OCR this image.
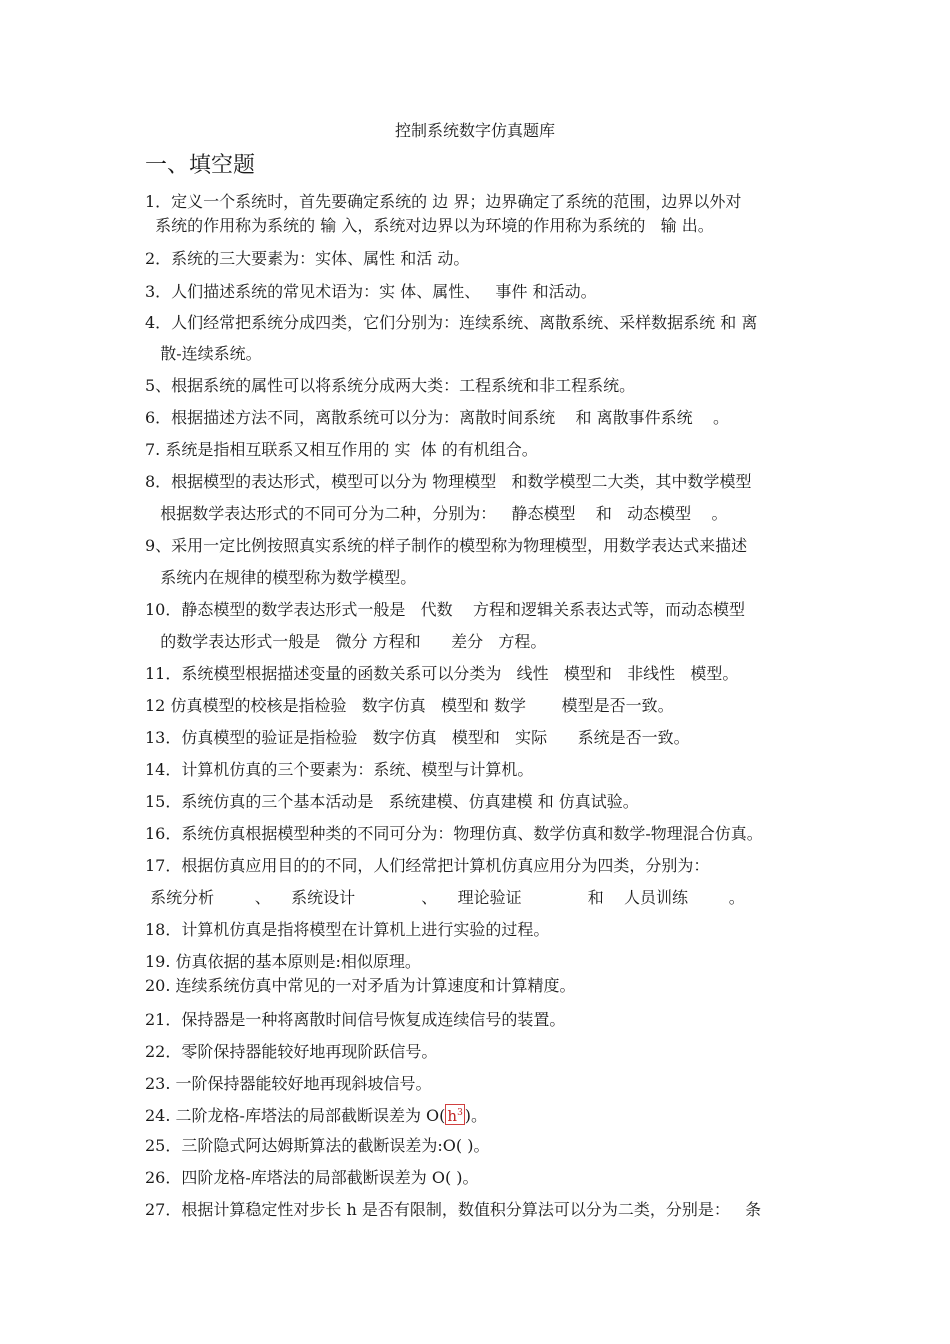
控制系统数字仿真题库
一、填空题
1．定义一个系统时，首先要确定系统的 边 界；边界确定了系统的范围，边界以外对
系统的作用称为系统的 输 入，系统对边界以为环境的作用称为系统的   输 出。
2．系统的三大要素为：实体、属性 和活 动。
3．人们描述系统的常见术语为：实 体、属性、   事件 和活动。
4．人们经常把系统分成四类，它们分别为：连续系统、离散系统、采样数据系统 和 离
散-连续系统。
5、根据系统的属性可以将系统分成两大类：工程系统和非工程系统。
6．根据描述方法不同，离散系统可以分为：离散时间系统    和 离散事件系统    。
7. 系统是指相互联系又相互作用的 实  体 的有机组合。
8．根据模型的表达形式，模型可以分为 物理模型   和数学模型二大类，其中数学模型
根据数学表达形式的不同可分为二种，分别为：   静态模型    和   动态模型    。
9、采用一定比例按照真实系统的样子制作的模型称为物理模型，用数学表达式来描述
系统内在规律的模型称为数学模型。
10．静态模型的数学表达形式一般是   代数    方程和逻辑关系表达式等，而动态模型
的数学表达形式一般是   微分 方程和      差分   方程。
11．系统模型根据描述变量的函数关系可以分类为   线性   模型和   非线性   模型。
12 仿真模型的校核是指检验   数字仿真   模型和 数学       模型是否一致。
13．仿真模型的验证是指检验   数字仿真   模型和   实际      系统是否一致。
14．计算机仿真的三个要素为：系统、模型与计算机。
15．系统仿真的三个基本活动是   系统建模、仿真建模 和 仿真试验。
16．系统仿真根据模型种类的不同可分为：物理仿真、数学仿真和数学-物理混合仿真。
17．根据仿真应用目的的不同，人们经常把计算机仿真应用分为四类，分别为：
系统分析        、    系统设计             、    理论验证             和    人员训练        。
18．计算机仿真是指将模型在计算机上进行实验的过程。
19. 仿真依据的基本原则是:相似原理。
20. 连续系统仿真中常见的一对矛盾为计算速度和计算精度。
21．保持器是一种将离散时间信号恢复成连续信号的装置。
22．零阶保持器能较好地再现阶跃信号。
23. 一阶保持器能较好地再现斜坡信号。
24. 二阶龙格-库塔法的局部截断误差为 O( $h^3$ )。
25．三阶隐式阿达姆斯算法的截断误差为:O( )。
26．四阶龙格-库塔法的局部截断误差为 O( )。
27．根据计算稳定性对步长 h 是否有限制，数值积分算法可以分为二类，分别是：   条
